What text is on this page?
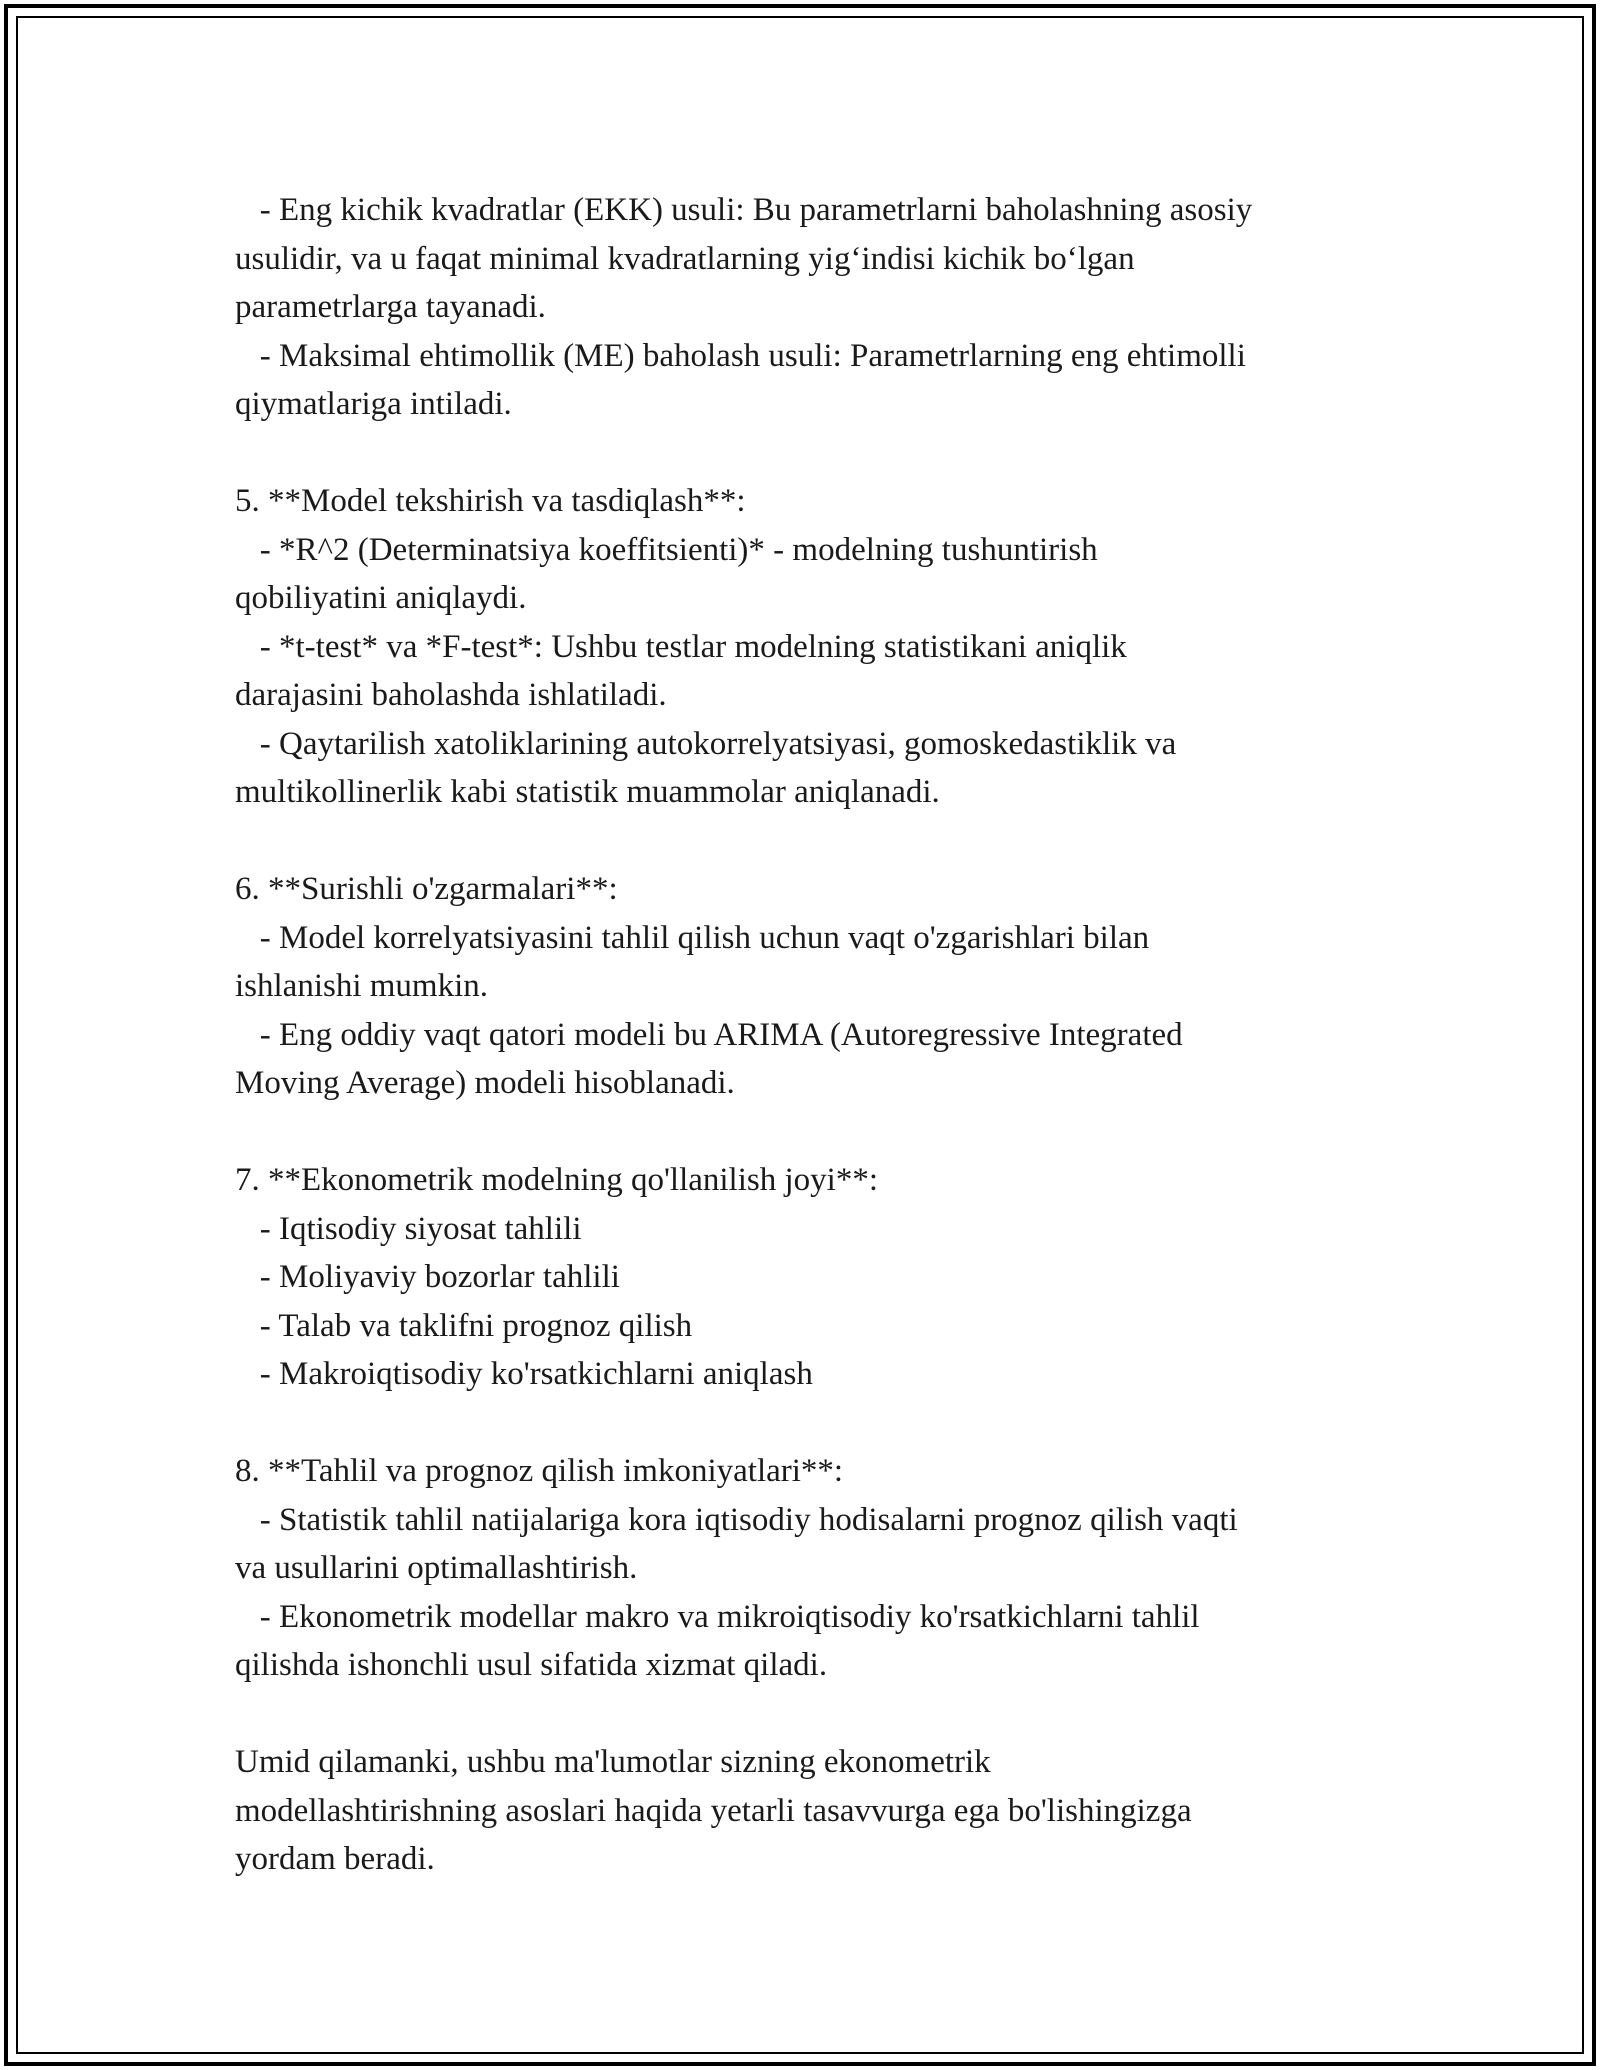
- Eng kichik kvadratlar (EKK) usuli: Bu parametrlarni baholashning asosiy
usulidir, va u faqat minimal kvadratlarning yig‘indisi kichik bo‘lgan
parametrlarga tayanadi.
- Maksimal ehtimollik (ME) baholash usuli: Parametrlarning eng ehtimolli
qiymatlariga intiladi.
5. **Model tekshirish va tasdiqlash**:
- *R^2 (Determinatsiya koeffitsienti)* - modelning tushuntirish
qobiliyatini aniqlaydi.
- *t-test* va *F-test*: Ushbu testlar modelning statistikani aniqlik
darajasini baholashda ishlatiladi.
- Qaytarilish xatoliklarining autokorrelyatsiyasi, gomoskedastiklik va
multikollinerlik kabi statistik muammolar aniqlanadi.
6. **Surishli o'zgarmalari**:
- Model korrelyatsiyasini tahlil qilish uchun vaqt o'zgarishlari bilan
ishlanishi mumkin.
- Eng oddiy vaqt qatori modeli bu ARIMA (Autoregressive Integrated
Moving Average) modeli hisoblanadi.
7. **Ekonometrik modelning qo'llanilish joyi**:
- Iqtisodiy siyosat tahlili
- Moliyaviy bozorlar tahlili
- Talab va taklifni prognoz qilish
- Makroiqtisodiy ko'rsatkichlarni aniqlash
8. **Tahlil va prognoz qilish imkoniyatlari**:
- Statistik tahlil natijalariga kora iqtisodiy hodisalarni prognoz qilish vaqti
va usullarini optimallashtirish.
- Ekonometrik modellar makro va mikroiqtisodiy ko'rsatkichlarni tahlil
qilishda ishonchli usul sifatida xizmat qiladi.
Umid qilamanki, ushbu ma'lumotlar sizning ekonometrik
modellashtirishning asoslari haqida yetarli tasavvurga ega bo'lishingizga
yordam beradi.
